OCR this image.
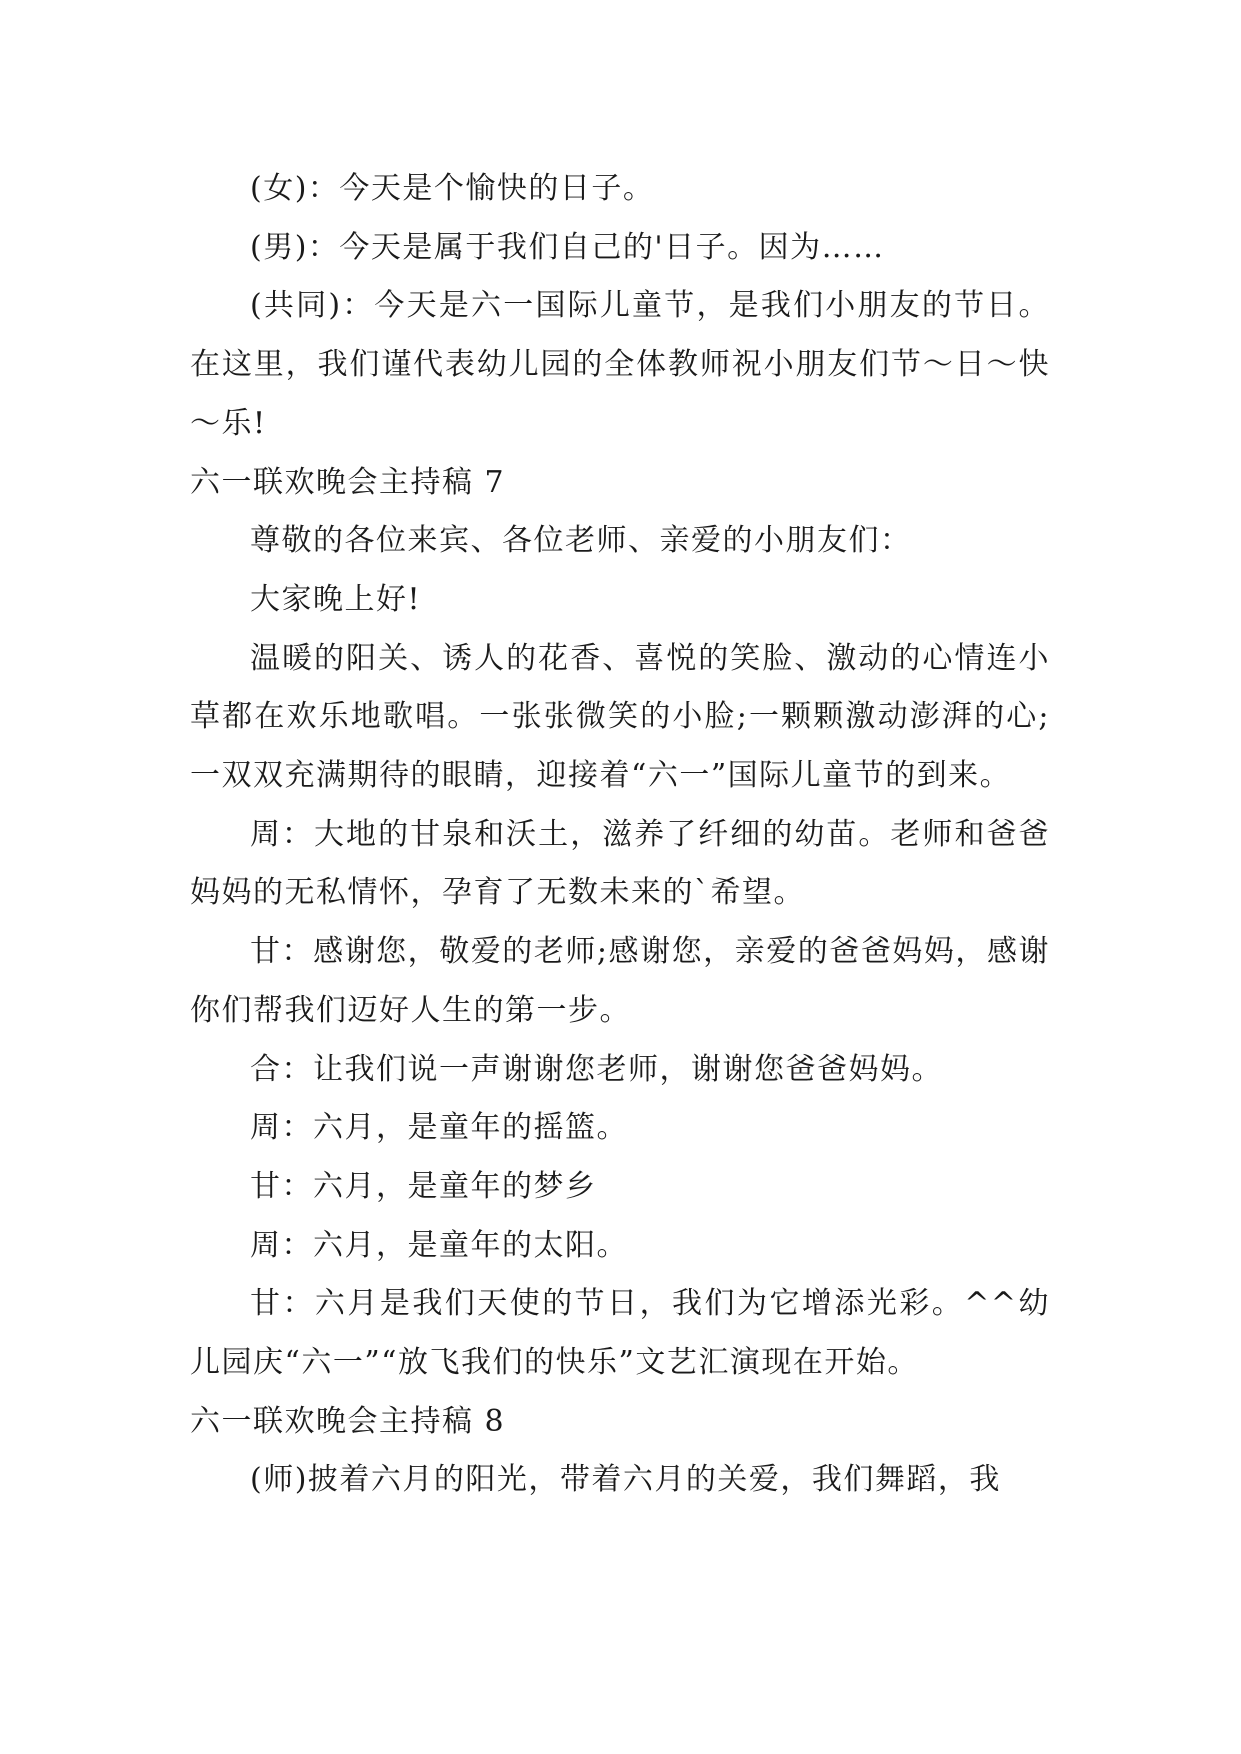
(女)：今天是个愉快的日子。

(男)：今天是属于我们自己的'日子。因为……

(共同)：今天是六一国际儿童节，是我们小朋友的节日。在这里，我们谨代表幼儿园的全体教师祝小朋友们节～日～快～乐!

六一联欢晚会主持稿 7

尊敬的各位来宾、各位老师、亲爱的小朋友们：

大家晚上好!

温暖的阳关、诱人的花香、喜悦的笑脸、激动的心情连小草都在欢乐地歌唱。一张张微笑的小脸;一颗颗激动澎湃的心;一双双充满期待的眼睛，迎接着“六一”国际儿童节的到来。

周：大地的甘泉和沃土，滋养了纤细的幼苗。老师和爸爸妈妈的无私情怀，孕育了无数未来的`希望。

甘：感谢您，敬爱的老师;感谢您，亲爱的爸爸妈妈，感谢你们帮我们迈好人生的第一步。

合：让我们说一声谢谢您老师，谢谢您爸爸妈妈。

周：六月，是童年的摇篮。

甘：六月，是童年的梦乡

周：六月，是童年的太阳。

甘：六月是我们天使的节日，我们为它增添光彩。^^幼儿园庆“六一”“放飞我们的快乐”文艺汇演现在开始。

六一联欢晚会主持稿 8

(师)披着六月的阳光，带着六月的关爱，我们舞蹈，我
